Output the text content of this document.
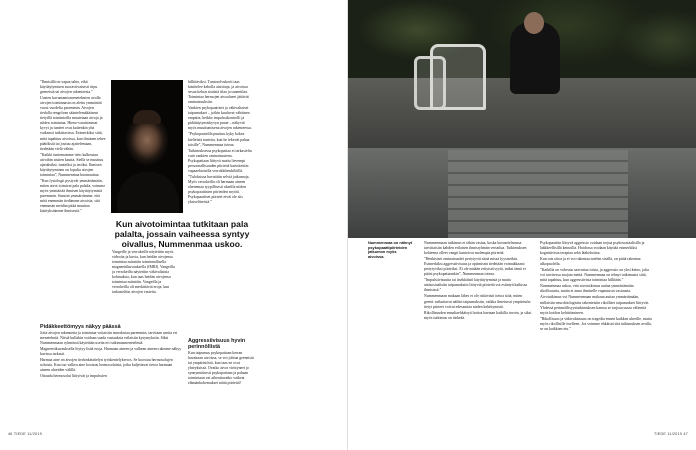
”Ihmisillä on vapaa tahto, eikä käyttäytymisen suoraviivaisesti riipu geeneistä tai aivojen rakenteesta.”

Uusien kuvantamismenetelmien avulla aivojen toiminnasta on alettu ymmärtää vuosi vuodelta paremmin. Aivojen tiedolla rengolvan sääntelemäkääseni tietyillä toimintoilla muutetaan aivoja ja niiden toimintaa. Hieno-varaisimmat kyvyt ja tunteet ovat kuitenkin yhä vaikeasti tutkittavissa. Esimerkiksi siitä, mitä tapahtuu aivoissa, kun ihminen tekee päätöksiä tai joutuu ajattelemaan, tiedetään vielä vähän.

”Kaikki tuntemamme tieto kulkeutuu aivoihin aistien kautta. Siellä se muuttuu ajatuksiksi, tunteiksi ja teoiksi. Ihmisen käyttäytyminen on lopulta aivojen toimintaa”, Nummenmaa huomauttaa.

”Kun fysiologit pystyvät ymmärtämään, miten aivot toimivat pala palalta, voimme myös ymmärtää ihmisen käyttäytymistä paremmin. Samoin ymmärrämme, että mitä enemmän tiedämme aivoista, sitä enemmän meidän pitää muuttaa käsityksiämme ihmisestä.”

Pidäkkeettömyys näkyy päässä

Jotta aivojen rakennetta ja toimintaa voitaisiin muodostaa paremmin, tarvitaan useita eri menetelmiä. Niistä kullakin voidaan saada vastauksia erilaisiin kysymyksiin. Siksi Nummenmaan ryhmässä käytetään useita eri tutkimusmenetelmiä.

Magneettikuvauksella löytyy lisää eroja. Harmaan aineen ja valkean aineen rakenne näkyy kuvissa tarkasti.

Harmaa aine on aivojen tiedonkäsittelyn työskentelykerros. Se koostuu hermosolujen soluista. Kun tuo valkea aine koostuu hermosoluista, jotka kuljettavat tietoa harmaan aineen alueiden välillä.

Ottaudu hermosolut liittyivät ja impulssien

Kun aivotoimintaa tutkitaan pala palalta, jossain vaiheessa syntyy oivallus, Nummenmaa uskoo.

hillittäviksi. Tuntosolvukorit taas käsittelee keholla aistittuja, ja aivoissa sesua kehon sisäistä tilaa ja tunnetilaa. Toimintaa hermojen aivoalueet jättävät ominaisuuksiin.

Vankien psykopaattiset ja väkivaltaiset taipumukset – joihin kuuluvat vähäinen empatia, heikko impulssikontrolli ja pidättäytymiskyvyn puute – näkyvät myös muuttumisena aivojen rakenteessa.

”Psykopaateilla puuttuu kyky kokea kielteisiä tunteita, kun he tekevät pahaa toisille”, Nummenmaa toteaa.

Tutkimuksessa psykopatiaa ei tarkasteltu vain vankien ominaisuutena. Psykopatiaan liittyvä mutta lievempi persoonallisuuden piirteitä kartoitettiin vapaaehtoisilla verrokkihenkilöillä.

”Tuloksissa havaittiin selviä jatkumoja. Myös verrokeilla oli harmaan aineen ohenemaa tyypillisesti alueilla niiden psykopaattisten piirteiden myötä. Psykopaattiset piirteet eivät ole siis yksiselitteisiä.”

Vangeille ja verrokeille näytettiin myös videoita ja kuvia, kun heidän aivojensa toimintaa mitattiin toiminnallisella magneettikuvauksella (fMRI). Vangeilla ja verrokeilla näytettiin väkivaltaisia kohtauksia, kun taas heidän aivojensa toimintaa mitattiin. Vangeilla ja verrokeilla oli merkittäviä eroja, kun tarkasteltiin aivojen vasteita.

Aggressiivisuus hyvin perinnöllistä

Kun taipumus psykopatiaan kerran havaitaan aivoissa, se voi johtua geeneistä tai ympäristöstä, kun taas ne ovat yhteyksissä. Ovatko aivot virittyneet jo synnynnäisesti psykopatiaan ja pahaan toimintaan vai aiheuttavatko vaikeat elämänkokemukset näitä piirteitä?

46 TIEDE 11/2019
Nummenmaa on nähnyt psykopaattipiirteiden jatkumon myös aivoissa.

Nummenmaan tutkimus ei tähän vastaa, koska koeasetelmassa tarvittaisiin kahden erilaisen ihmisryhmän vertailua. Tutkimuksen kohteena olleet vangit kantoivat molempia piirteitä.

”Henkisiset ominaisuudet periytyvät siinä missä fyysisetkin. Esimerkiksi aggressiivisuus ja optimismi tiedetään voimakkaasti periytyviksi piirteiksi. Ei ole mitään erityistä syytä, miksi tämä ei pätisi psykopatiaankin”, Nummenmaa toteaa.

”Impulsiivisuutta tai itsekkäästi käyttäytymistä ja muita antisosiaalisiin taipumuksiin liittyviä piirteitä voi esiintyä kaikissa ihmisissä.”

Nummenmaan mukaan lähes ei ole riittävästi tietoa siitä, miten geenit vaikuttavat näihin taipumuksiin, vaikka ilmeisesti ympäristön tietyt piirteet voivat edesauttaa niiden kehittymistä.

Rikollisuuden ennaltaehkäisyä hoitoa haetaan kaikilla tavoin, ja siksi myös tutkimus on tärkeää.

Psykopaattiin liittyvä aggressio voidaan torjua psykososiaalisilla ja lääkkeellisillä keinoilla. Hoidossa voidaan käyttää esimerkiksi kognitiivista terapiaa sekä lääkehoitoa.

Kun rais ottoa ja ei voi rakentaa mielen sisällä, on pitää rakentaa ulkopuolella.

”Kaikilla on vahvuus saavuttaa toisia, ja aggressio on yksi keino, joka voi tarvitessa suojata meitä. Nummenmaa on tehnyt tutkimusta siitä, mitä tapahtuu, kun aggressiivista toimintaa hillitään.”

Nummenmaa uskoo, että aivotutkimus auttaa ymmärtämään rikollisuutta, mutta ei anna ihmiselle vapautusta vastuusta.

Aivotutkimus voi Nummenmaan mukaan auttaa ymmärtämään, millaisiin neurobiologisiin rakenteisiin rikolliset taipumukset liittyvät. Yhdessä perinnöllisyystutkimuksen kanssa se tarjoaa uusia välineitä myös hoidon kehittämiseen.

”Rikollisuus ja väkivaltaisuus on tragedia ennen kaikkea uhreille, mutta myös rikollisille itselleen. Jos voimme ehkäistä sitä tutkimuksen avulla, se on kaikkien etu.”

TIEDE 11/2019 47
